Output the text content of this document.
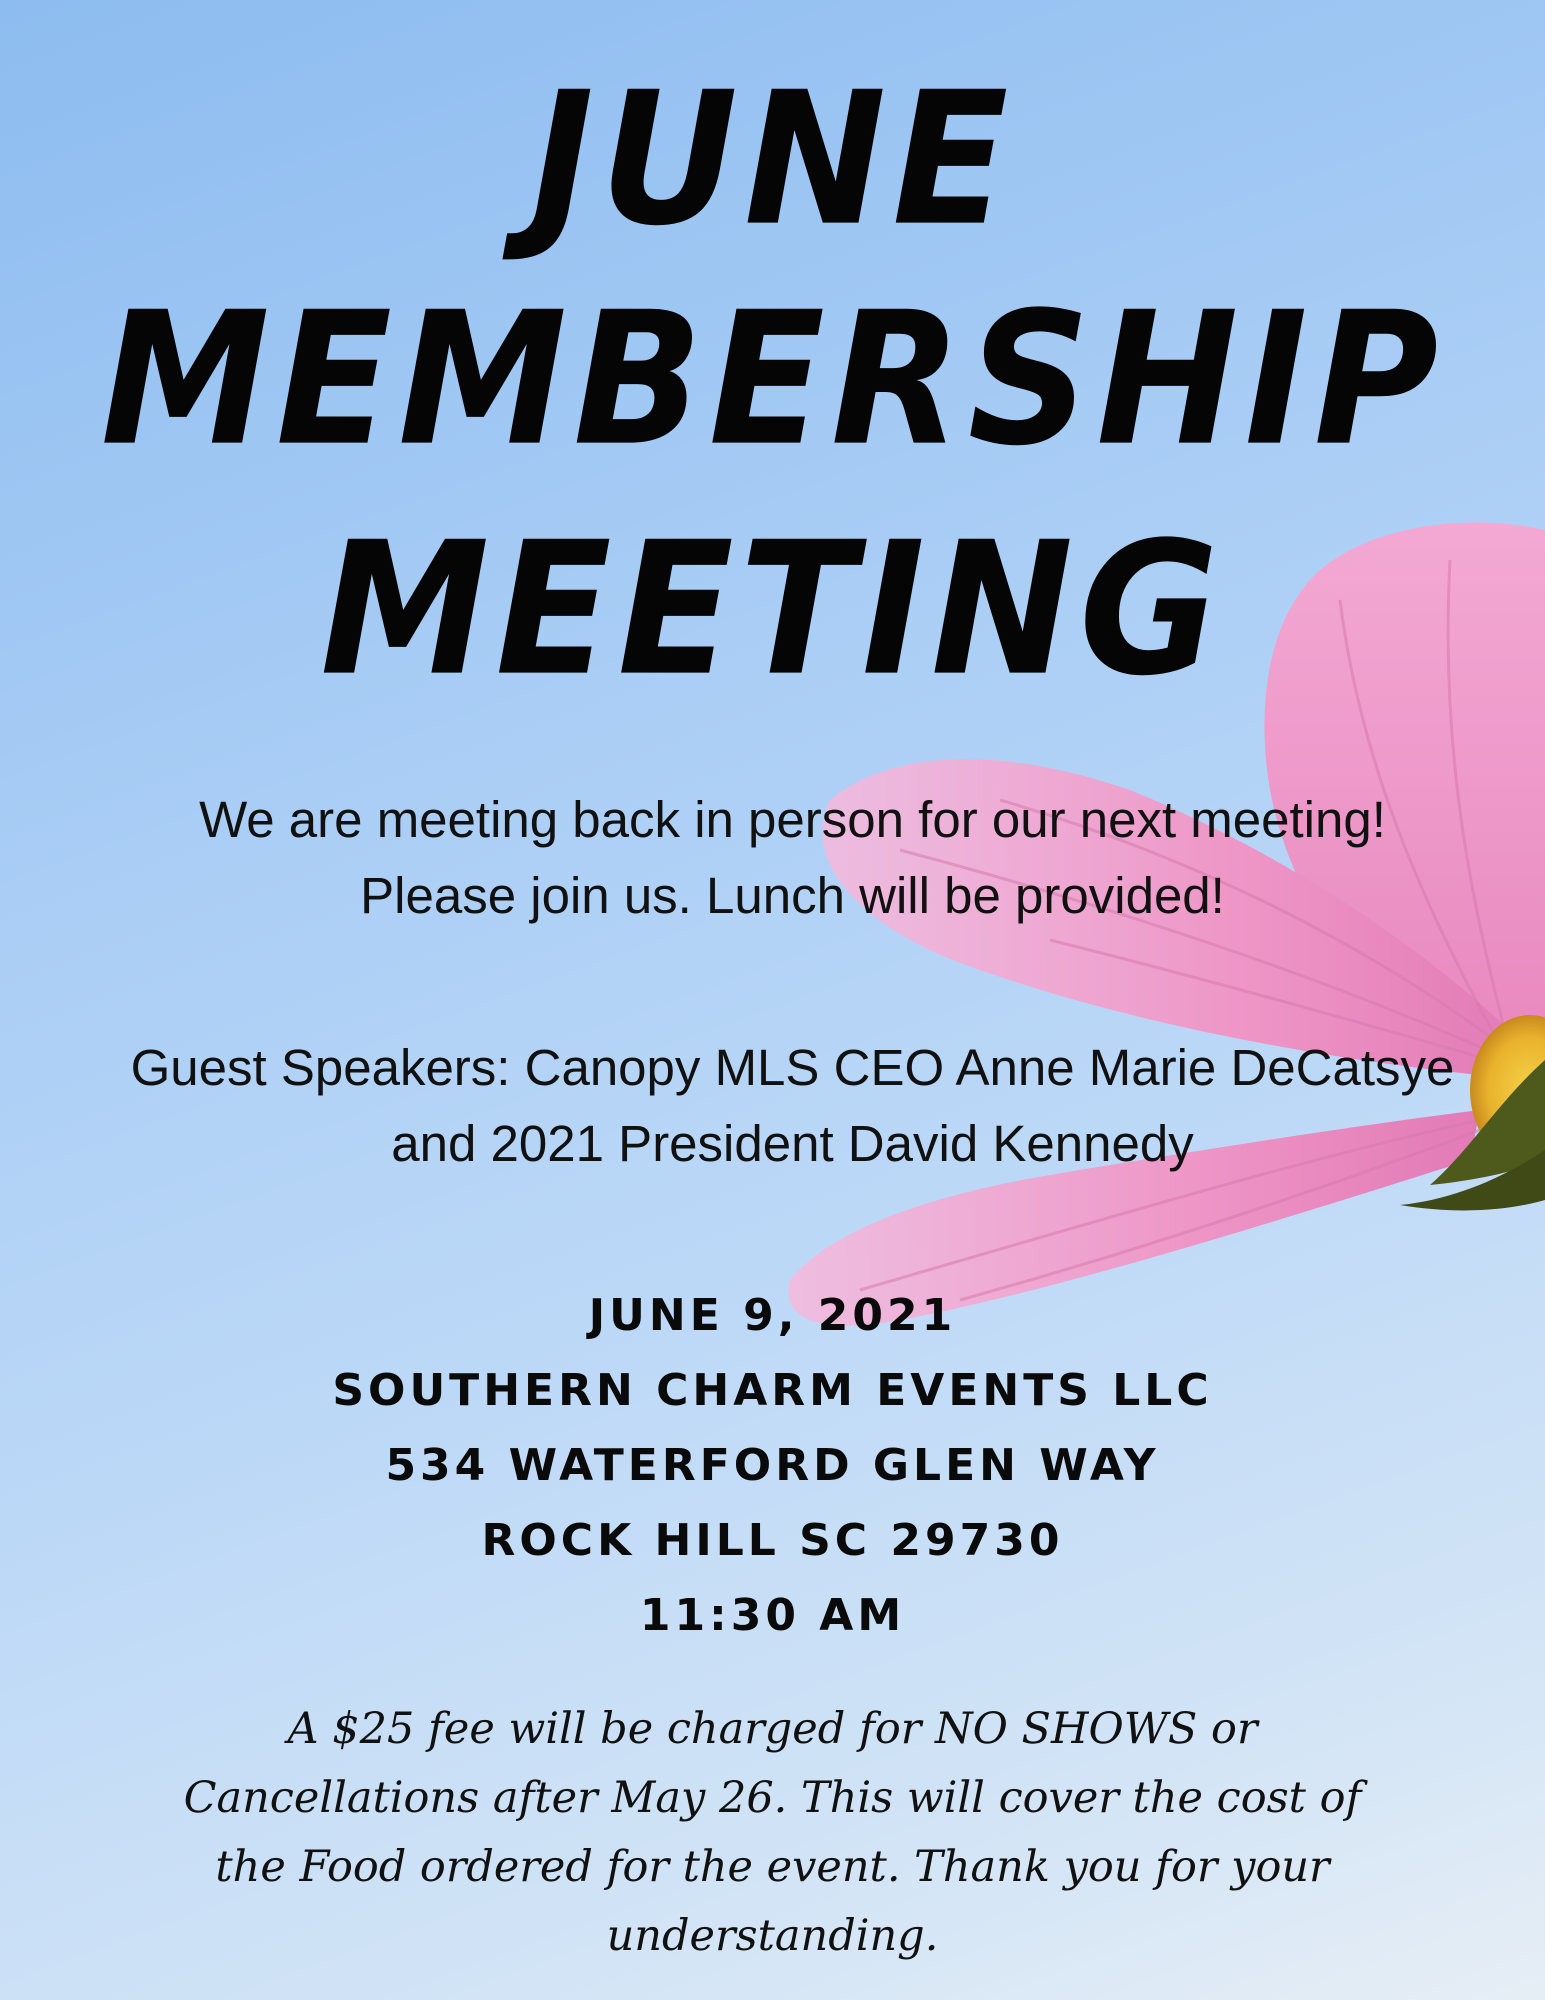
JUNE
MEMBERSHIP
MEETING

We are meeting back in person for our next meeting! Please join us. Lunch will be provided!

Guest Speakers: Canopy MLS CEO Anne Marie DeCatsye and 2021 President David Kennedy

JUNE 9, 2021
SOUTHERN CHARM EVENTS LLC
534 WATERFORD GLEN WAY
ROCK HILL SC 29730
11:30 AM

A $25 fee will be charged for NO SHOWS or Cancellations after May 26. This will cover the cost of the Food ordered for the event. Thank you for your understanding.
